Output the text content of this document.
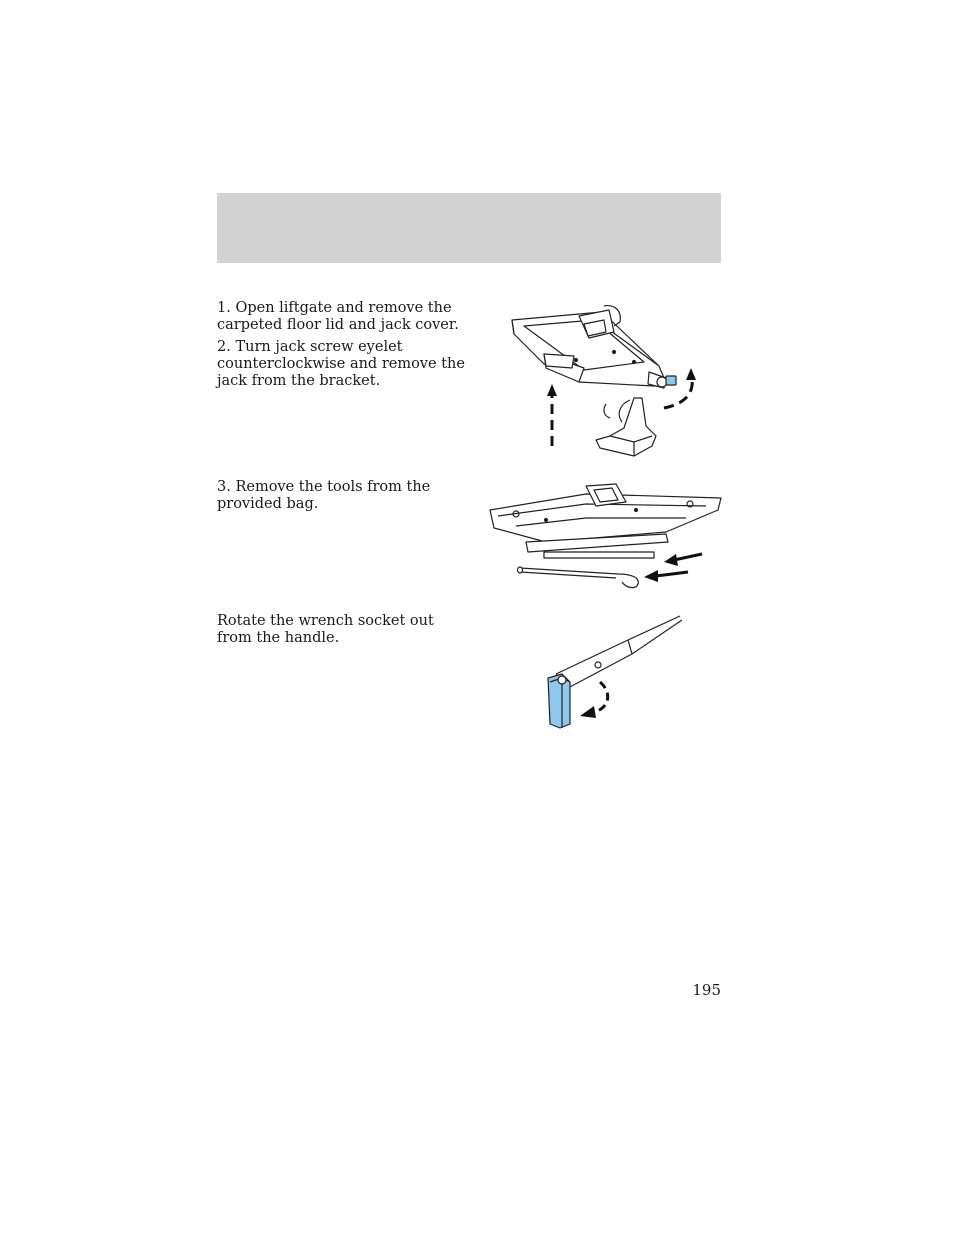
1. Open liftgate and remove the carpeted floor lid and jack cover.

2. Turn jack screw eyelet counterclockwise and remove the jack from the bracket.

3. Remove the tools from the provided bag.

Rotate the wrench socket out from the handle.

195
